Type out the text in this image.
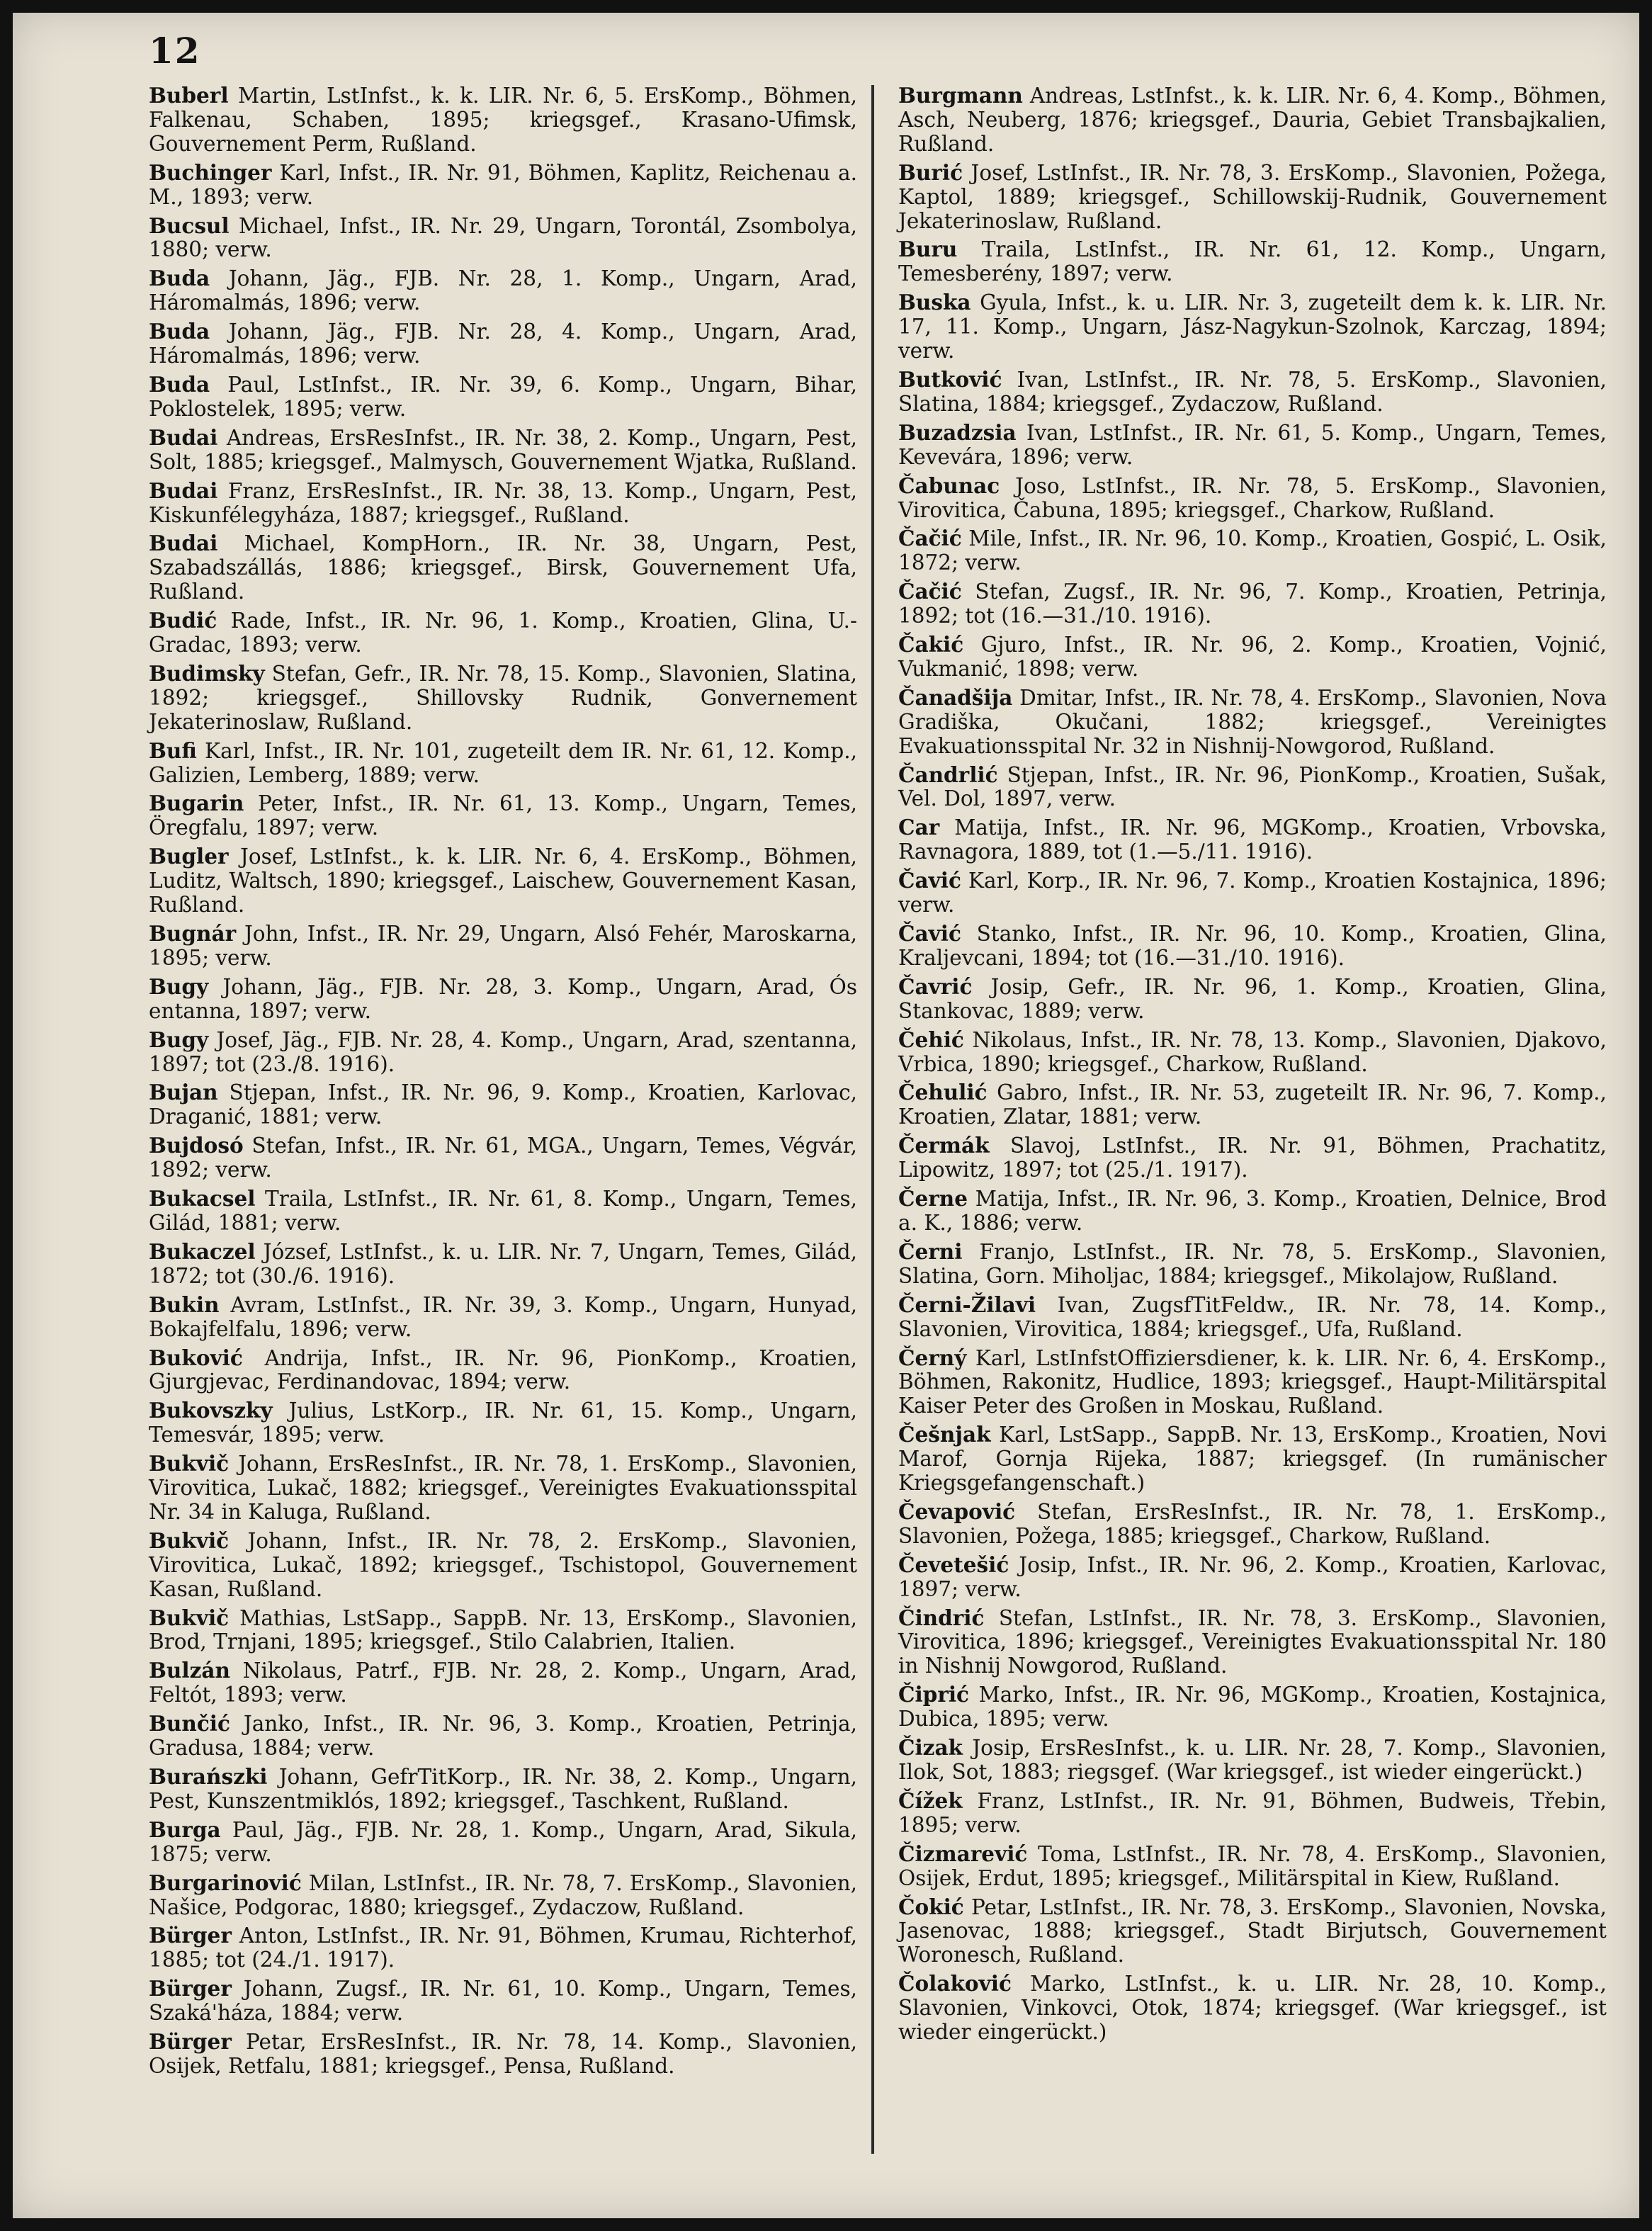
12

Buberl Martin, LstInfst., k. k. LIR. Nr. 6, 5. ErsKomp., Böhmen, Falkenau, Schaben, 1895; kriegsgef., Krasano-Ufimsk, Gouvernement Perm, Rußland.

Buchinger Karl, Infst., IR. Nr. 91, Böhmen, Kaplitz, Reichenau a. M., 1893; verw.

Bucsul Michael, Infst., IR. Nr. 29, Ungarn, Torontál, Zsombolya, 1880; verw.

Buda Johann, Jäg., FJB. Nr. 28, 1. Komp., Ungarn, Arad, Háromalmás, 1896; verw.

Buda Johann, Jäg., FJB. Nr. 28, 4. Komp., Ungarn, Arad, Háromalmás, 1896; verw.

Buda Paul, LstInfst., IR. Nr. 39, 6. Komp., Ungarn, Bihar, Poklostelek, 1895; verw.

Budai Andreas, ErsResInfst., IR. Nr. 38, 2. Komp., Ungarn, Pest, Solt, 1885; kriegsgef., Malmysch, Gouvernement Wjatka, Rußland.

Budai Franz, ErsResInfst., IR. Nr. 38, 13. Komp., Ungarn, Pest, Kiskunfélegyháza, 1887; kriegsgef., Rußland.

Budai Michael, KompHorn., IR. Nr. 38, Ungarn, Pest, Szabadszállás, 1886; kriegsgef., Birsk, Gouvernement Ufa, Rußland.

Budić Rade, Infst., IR. Nr. 96, 1. Komp., Kroatien, Glina, U.-Gradac, 1893; verw.

Budimsky Stefan, Gefr., IR. Nr. 78, 15. Komp., Slavonien, Slatina, 1892; kriegsgef., Shillovsky Rudnik, Gonvernement Jekaterinoslaw, Rußland.

Bufi Karl, Infst., IR. Nr. 101, zugeteilt dem IR. Nr. 61, 12. Komp., Galizien, Lemberg, 1889; verw.

Bugarin Peter, Infst., IR. Nr. 61, 13. Komp., Ungarn, Temes, Öregfalu, 1897; verw.

Bugler Josef, LstInfst., k. k. LIR. Nr. 6, 4. ErsKomp., Böhmen, Luditz, Waltsch, 1890; kriegsgef., Laischew, Gouvernement Kasan, Rußland.

Bugnár John, Infst., IR. Nr. 29, Ungarn, Alsó Fehér, Maroskarna, 1895; verw.

Bugy Johann, Jäg., FJB. Nr. 28, 3. Komp., Ungarn, Arad, Ós entanna, 1897; verw.

Bugy Josef, Jäg., FJB. Nr. 28, 4. Komp., Ungarn, Arad, szentanna, 1897; tot (23./8. 1916).

Bujan Stjepan, Infst., IR. Nr. 96, 9. Komp., Kroatien, Karlovac, Draganić, 1881; verw.

Bujdosó Stefan, Infst., IR. Nr. 61, MGA., Ungarn, Temes, Végvár, 1892; verw.

Bukacsel Traila, LstInfst., IR. Nr. 61, 8. Komp., Ungarn, Temes, Gilád, 1881; verw.

Bukaczel József, LstInfst., k. u. LIR. Nr. 7, Ungarn, Temes, Gilád, 1872; tot (30./6. 1916).

Bukin Avram, LstInfst., IR. Nr. 39, 3. Komp., Ungarn, Hunyad, Bokajfelfalu, 1896; verw.

Buković Andrija, Infst., IR. Nr. 96, PionKomp., Kroatien, Gjurgjevac, Ferdinandovac, 1894; verw.

Bukovszky Julius, LstKorp., IR. Nr. 61, 15. Komp., Ungarn, Temesvár, 1895; verw.

Bukvič Johann, ErsResInfst., IR. Nr. 78, 1. ErsKomp., Slavonien, Virovitica, Lukač, 1882; kriegsgef., Vereinigtes Evakuationsspital Nr. 34 in Kaluga, Rußland.

Bukvič Johann, Infst., IR. Nr. 78, 2. ErsKomp., Slavonien, Virovitica, Lukač, 1892; kriegsgef., Tschistopol, Gouvernement Kasan, Rußland.

Bukvič Mathias, LstSapp., SappB. Nr. 13, ErsKomp., Slavonien, Brod, Trnjani, 1895; kriegsgef., Stilo Calabrien, Italien.

Bulzán Nikolaus, Patrf., FJB. Nr. 28, 2. Komp., Ungarn, Arad, Feltót, 1893; verw.

Bunčić Janko, Infst., IR. Nr. 96, 3. Komp., Kroatien, Petrinja, Gradusa, 1884; verw.

Burańszki Johann, GefrTitKorp., IR. Nr. 38, 2. Komp., Ungarn, Pest, Kunszentmiklós, 1892; kriegsgef., Taschkent, Rußland.

Burga Paul, Jäg., FJB. Nr. 28, 1. Komp., Ungarn, Arad, Sikula, 1875; verw.

Burgarinović Milan, LstInfst., IR. Nr. 78, 7. ErsKomp., Slavonien, Našice, Podgorac, 1880; kriegsgef., Zydaczow, Rußland.

Bürger Anton, LstInfst., IR. Nr. 91, Böhmen, Krumau, Richterhof, 1885; tot (24./1. 1917).

Bürger Johann, Zugsf., IR. Nr. 61, 10. Komp., Ungarn, Temes, Szaká'háza, 1884; verw.

Bürger Petar, ErsResInfst., IR. Nr. 78, 14. Komp., Slavonien, Osijek, Retfalu, 1881; kriegsgef., Pensa, Rußland.

Burgmann Andreas, LstInfst., k. k. LIR. Nr. 6, 4. Komp., Böhmen, Asch, Neuberg, 1876; kriegsgef., Dauria, Gebiet Transbajkalien, Rußland.

Burić Josef, LstInfst., IR. Nr. 78, 3. ErsKomp., Slavonien, Požega, Kaptol, 1889; kriegsgef., Schillowskij-Rudnik, Gouvernement Jekaterinoslaw, Rußland.

Buru Traila, LstInfst., IR. Nr. 61, 12. Komp., Ungarn, Temesberény, 1897; verw.

Buska Gyula, Infst., k. u. LIR. Nr. 3, zugeteilt dem k. k. LIR. Nr. 17, 11. Komp., Ungarn, Jász-Nagykun-Szolnok, Karczag, 1894; verw.

Butković Ivan, LstInfst., IR. Nr. 78, 5. ErsKomp., Slavonien, Slatina, 1884; kriegsgef., Zydaczow, Rußland.

Buzadzsia Ivan, LstInfst., IR. Nr. 61, 5. Komp., Ungarn, Temes, Kevevára, 1896; verw.

Čabunac Joso, LstInfst., IR. Nr. 78, 5. ErsKomp., Slavonien, Virovitica, Čabuna, 1895; kriegsgef., Charkow, Rußland.

Čačić Mile, Infst., IR. Nr. 96, 10. Komp., Kroatien, Gospić, L. Osik, 1872; verw.

Čačić Stefan, Zugsf., IR. Nr. 96, 7. Komp., Kroatien, Petrinja, 1892; tot (16.—31./10. 1916).

Čakić Gjuro, Infst., IR. Nr. 96, 2. Komp., Kroatien, Vojnić, Vukmanić, 1898; verw.

Čanadšija Dmitar, Infst., IR. Nr. 78, 4. ErsKomp., Slavonien, Nova Gradiška, Okučani, 1882; kriegsgef., Vereinigtes Evakuationsspital Nr. 32 in Nishnij-Nowgorod, Rußland.

Čandrlić Stjepan, Infst., IR. Nr. 96, PionKomp., Kroatien, Sušak, Vel. Dol, 1897, verw.

Car Matija, Infst., IR. Nr. 96, MGKomp., Kroatien, Vrbovska, Ravnagora, 1889, tot (1.—5./11. 1916).

Čavić Karl, Korp., IR. Nr. 96, 7. Komp., Kroatien Kostajnica, 1896; verw.

Čavić Stanko, Infst., IR. Nr. 96, 10. Komp., Kroatien, Glina, Kraljevcani, 1894; tot (16.—31./10. 1916).

Čavrić Josip, Gefr., IR. Nr. 96, 1. Komp., Kroatien, Glina, Stankovac, 1889; verw.

Čehić Nikolaus, Infst., IR. Nr. 78, 13. Komp., Slavonien, Djakovo, Vrbica, 1890; kriegsgef., Charkow, Rußland.

Čehulić Gabro, Infst., IR. Nr. 53, zugeteilt IR. Nr. 96, 7. Komp., Kroatien, Zlatar, 1881; verw.

Čermák Slavoj, LstInfst., IR. Nr. 91, Böhmen, Prachatitz, Lipowitz, 1897; tot (25./1. 1917).

Černe Matija, Infst., IR. Nr. 96, 3. Komp., Kroatien, Delnice, Brod a. K., 1886; verw.

Černi Franjo, LstInfst., IR. Nr. 78, 5. ErsKomp., Slavonien, Slatina, Gorn. Miholjac, 1884; kriegsgef., Mikolajow, Rußland.

Černi-Žilavi Ivan, ZugsfTitFeldw., IR. Nr. 78, 14. Komp., Slavonien, Virovitica, 1884; kriegsgef., Ufa, Rußland.

Černý Karl, LstInfstOffiziersdiener, k. k. LIR. Nr. 6, 4. ErsKomp., Böhmen, Rakonitz, Hudlice, 1893; kriegsgef., Haupt-Militärspital Kaiser Peter des Großen in Moskau, Rußland.

Češnjak Karl, LstSapp., SappB. Nr. 13, ErsKomp., Kroatien, Novi Marof, Gornja Rijeka, 1887; kriegsgef. (In rumänischer Kriegsgefangenschaft.)

Čevapović Stefan, ErsResInfst., IR. Nr. 78, 1. ErsKomp., Slavonien, Požega, 1885; kriegsgef., Charkow, Rußland.

Čevetešić Josip, Infst., IR. Nr. 96, 2. Komp., Kroatien, Karlovac, 1897; verw.

Čindrić Stefan, LstInfst., IR. Nr. 78, 3. ErsKomp., Slavonien, Virovitica, 1896; kriegsgef., Vereinigtes Evakuationsspital Nr. 180 in Nishnij Nowgorod, Rußland.

Čiprić Marko, Infst., IR. Nr. 96, MGKomp., Kroatien, Kostajnica, Dubica, 1895; verw.

Čizak Josip, ErsResInfst., k. u. LIR. Nr. 28, 7. Komp., Slavonien, Ilok, Sot, 1883; riegsgef. (War kriegsgef., ist wieder eingerückt.)

Čížek Franz, LstInfst., IR. Nr. 91, Böhmen, Budweis, Třebin, 1895; verw.

Čizmarević Toma, LstInfst., IR. Nr. 78, 4. ErsKomp., Slavonien, Osijek, Erdut, 1895; kriegsgef., Militärspital in Kiew, Rußland.

Čokić Petar, LstInfst., IR. Nr. 78, 3. ErsKomp., Slavonien, Novska, Jasenovac, 1888; kriegsgef., Stadt Birjutsch, Gouvernement Woronesch, Rußland.

Čolaković Marko, LstInfst., k. u. LIR. Nr. 28, 10. Komp., Slavonien, Vinkovci, Otok, 1874; kriegsgef. (War kriegsgef., ist wieder eingerückt.)
